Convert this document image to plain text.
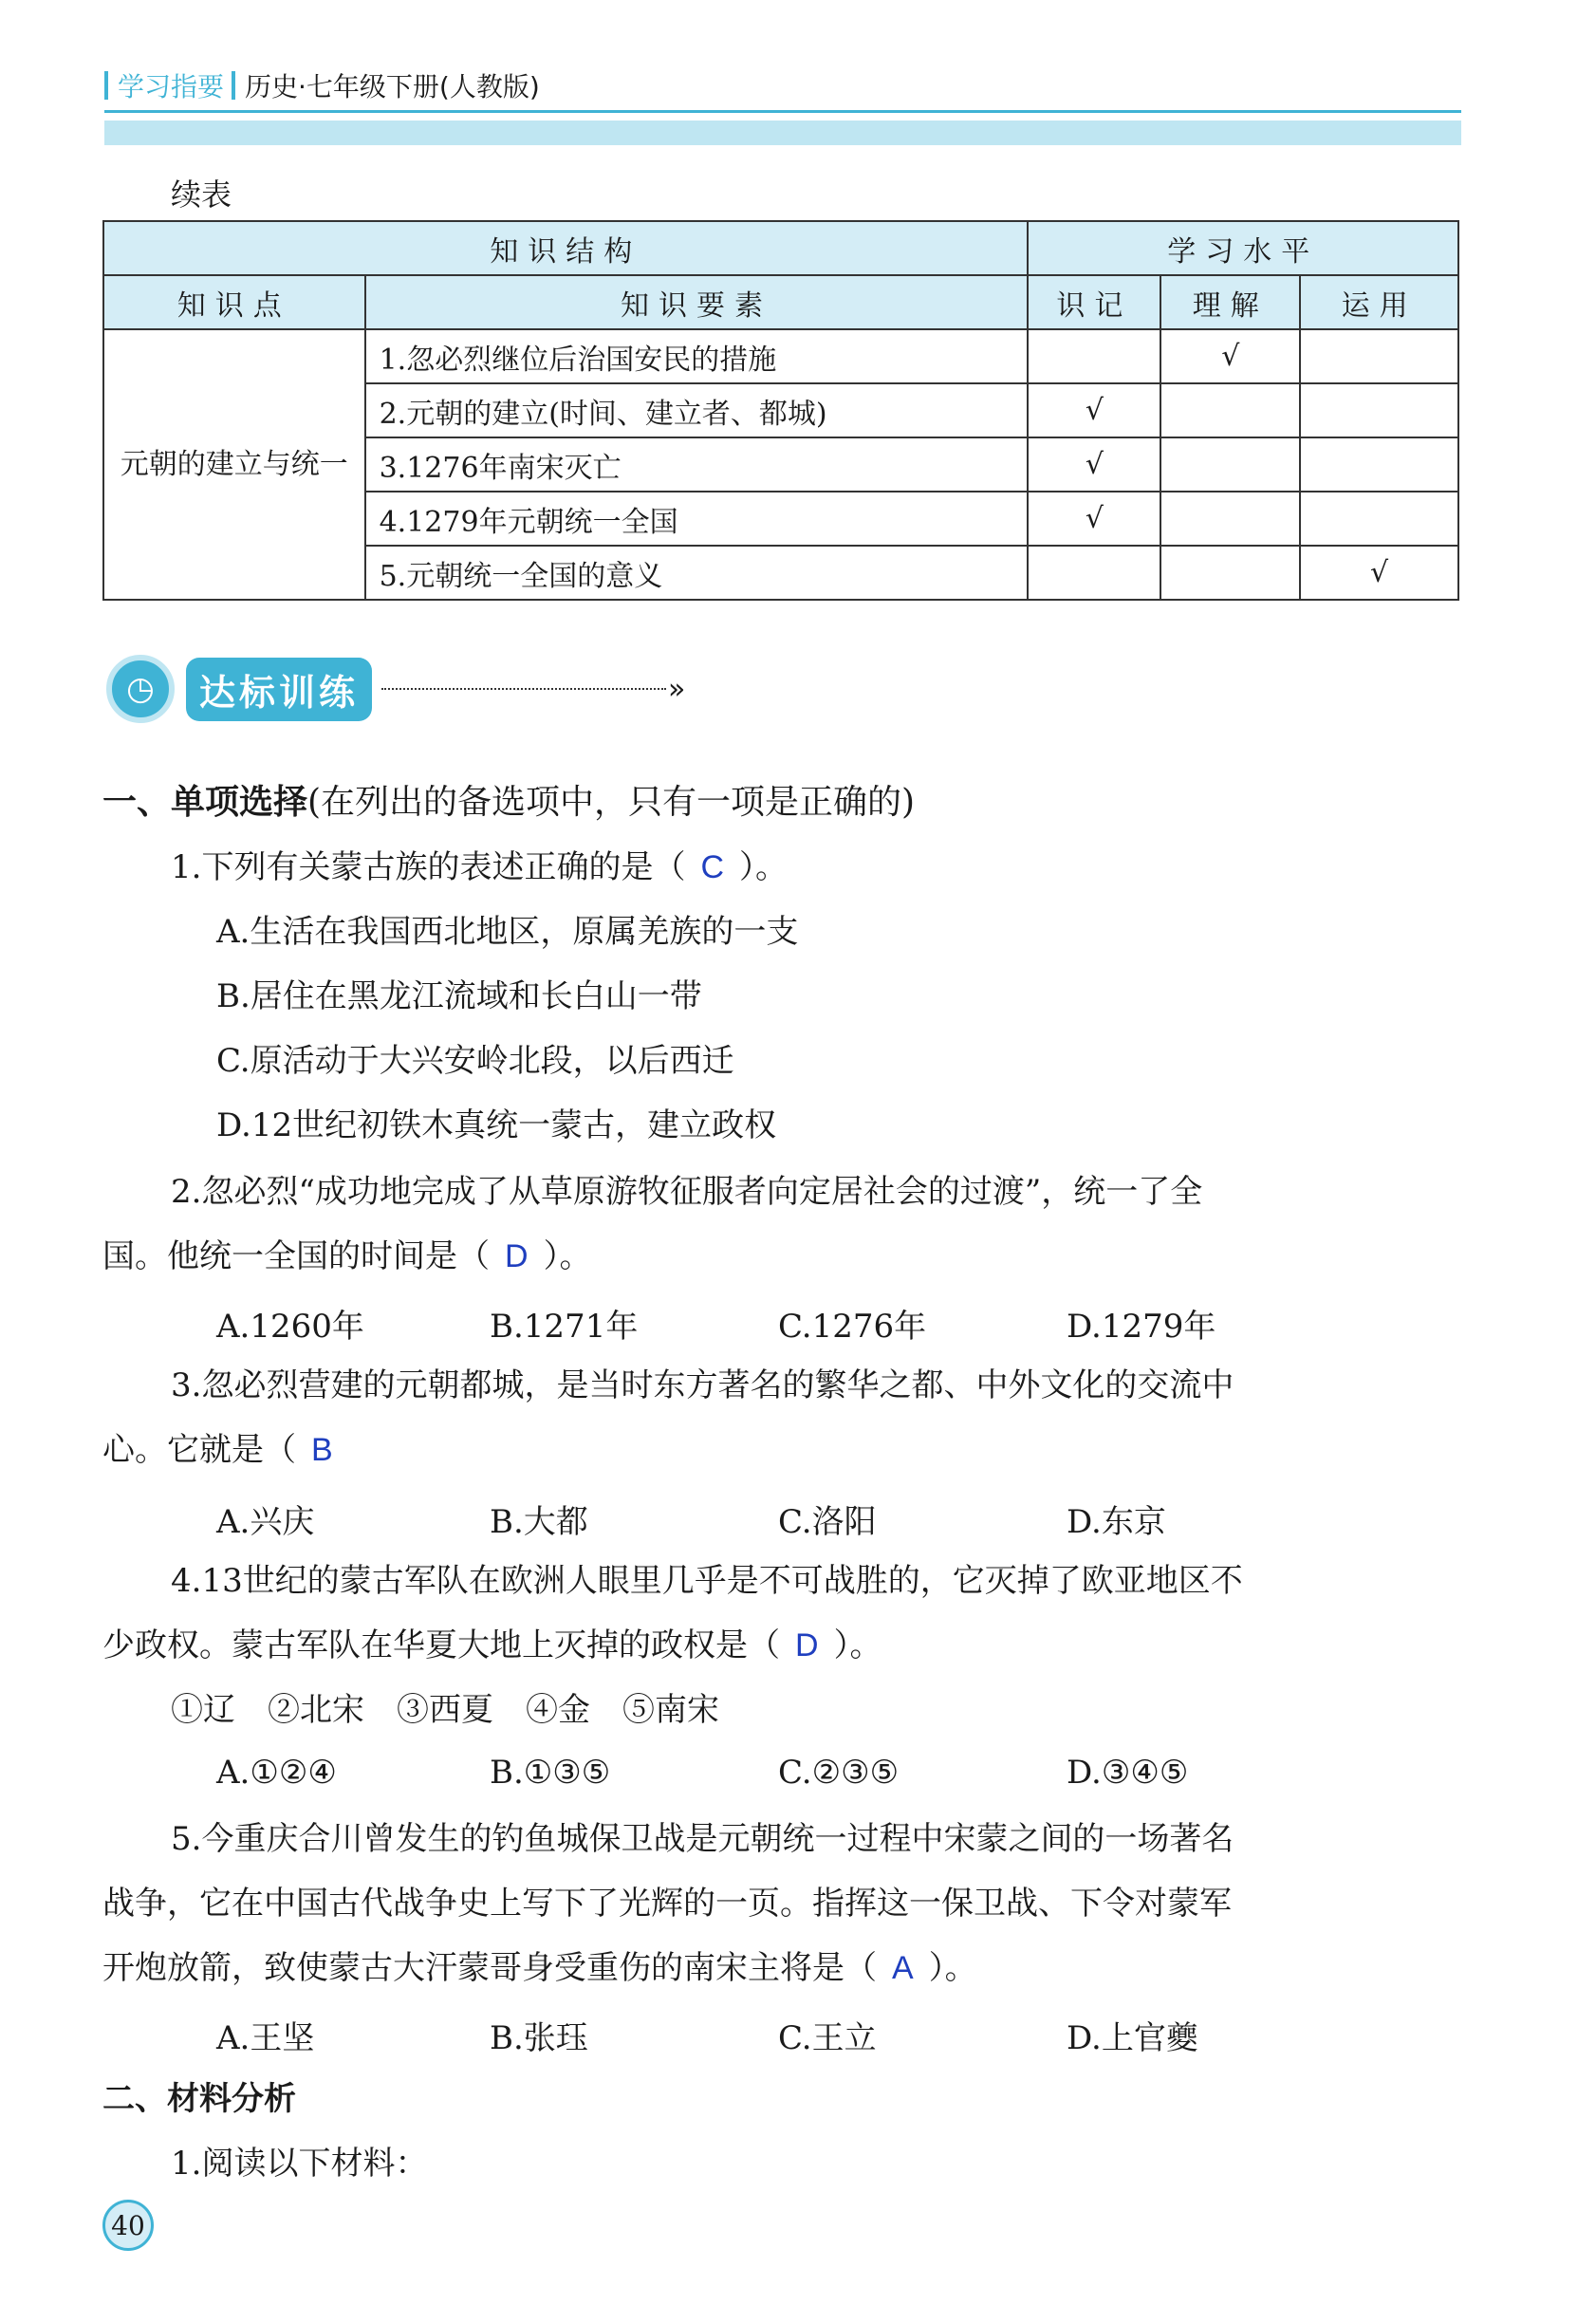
学习指要 历史·七年级下册(人教版)
续表
知识结构		学习水平		
知识点	知识要素	识记	理解	运用
元朝的建立与统一	1.忽必烈继位后治国安民的措施		√	
	2.元朝的建立(时间、建立者、都城)	√		
	3.1276年南宋灭亡	√		
	4.1279年元朝统一全国	√		
	5.元朝统一全国的意义			√
◷	达标训练	»
一、单项选择(在列出的备选项中，只有一项是正确的)
1.下列有关蒙古族的表述正确的是（ C ）。
A.生活在我国西北地区，原属羌族的一支
B.居住在黑龙江流域和长白山一带
C.原活动于大兴安岭北段，以后西迁
D.12世纪初铁木真统一蒙古，建立政权
2.忽必烈“成功地完成了从草原游牧征服者向定居社会的过渡”，统一了全
国。他统一全国的时间是（ D ）。
A.1260年	B.1271年	C.1276年	D.1279年
3.忽必烈营建的元朝都城，是当时东方著名的繁华之都、中外文化的交流中
心。它就是（ B
A.兴庆	B.大都	C.洛阳	D.东京
4.13世纪的蒙古军队在欧洲人眼里几乎是不可战胜的，它灭掉了欧亚地区不
少政权。蒙古军队在华夏大地上灭掉的政权是（ D ）。
①辽　②北宋　③西夏　④金　⑤南宋
A.①②④	B.①③⑤	C.②③⑤	D.③④⑤
5.今重庆合川曾发生的钓鱼城保卫战是元朝统一过程中宋蒙之间的一场著名
战争，它在中国古代战争史上写下了光辉的一页。指挥这一保卫战、下令对蒙军
开炮放箭，致使蒙古大汗蒙哥身受重伤的南宋主将是（ A ）。
A.王坚	B.张珏	C.王立	D.上官夔
二、材料分析
1.阅读以下材料：
40
